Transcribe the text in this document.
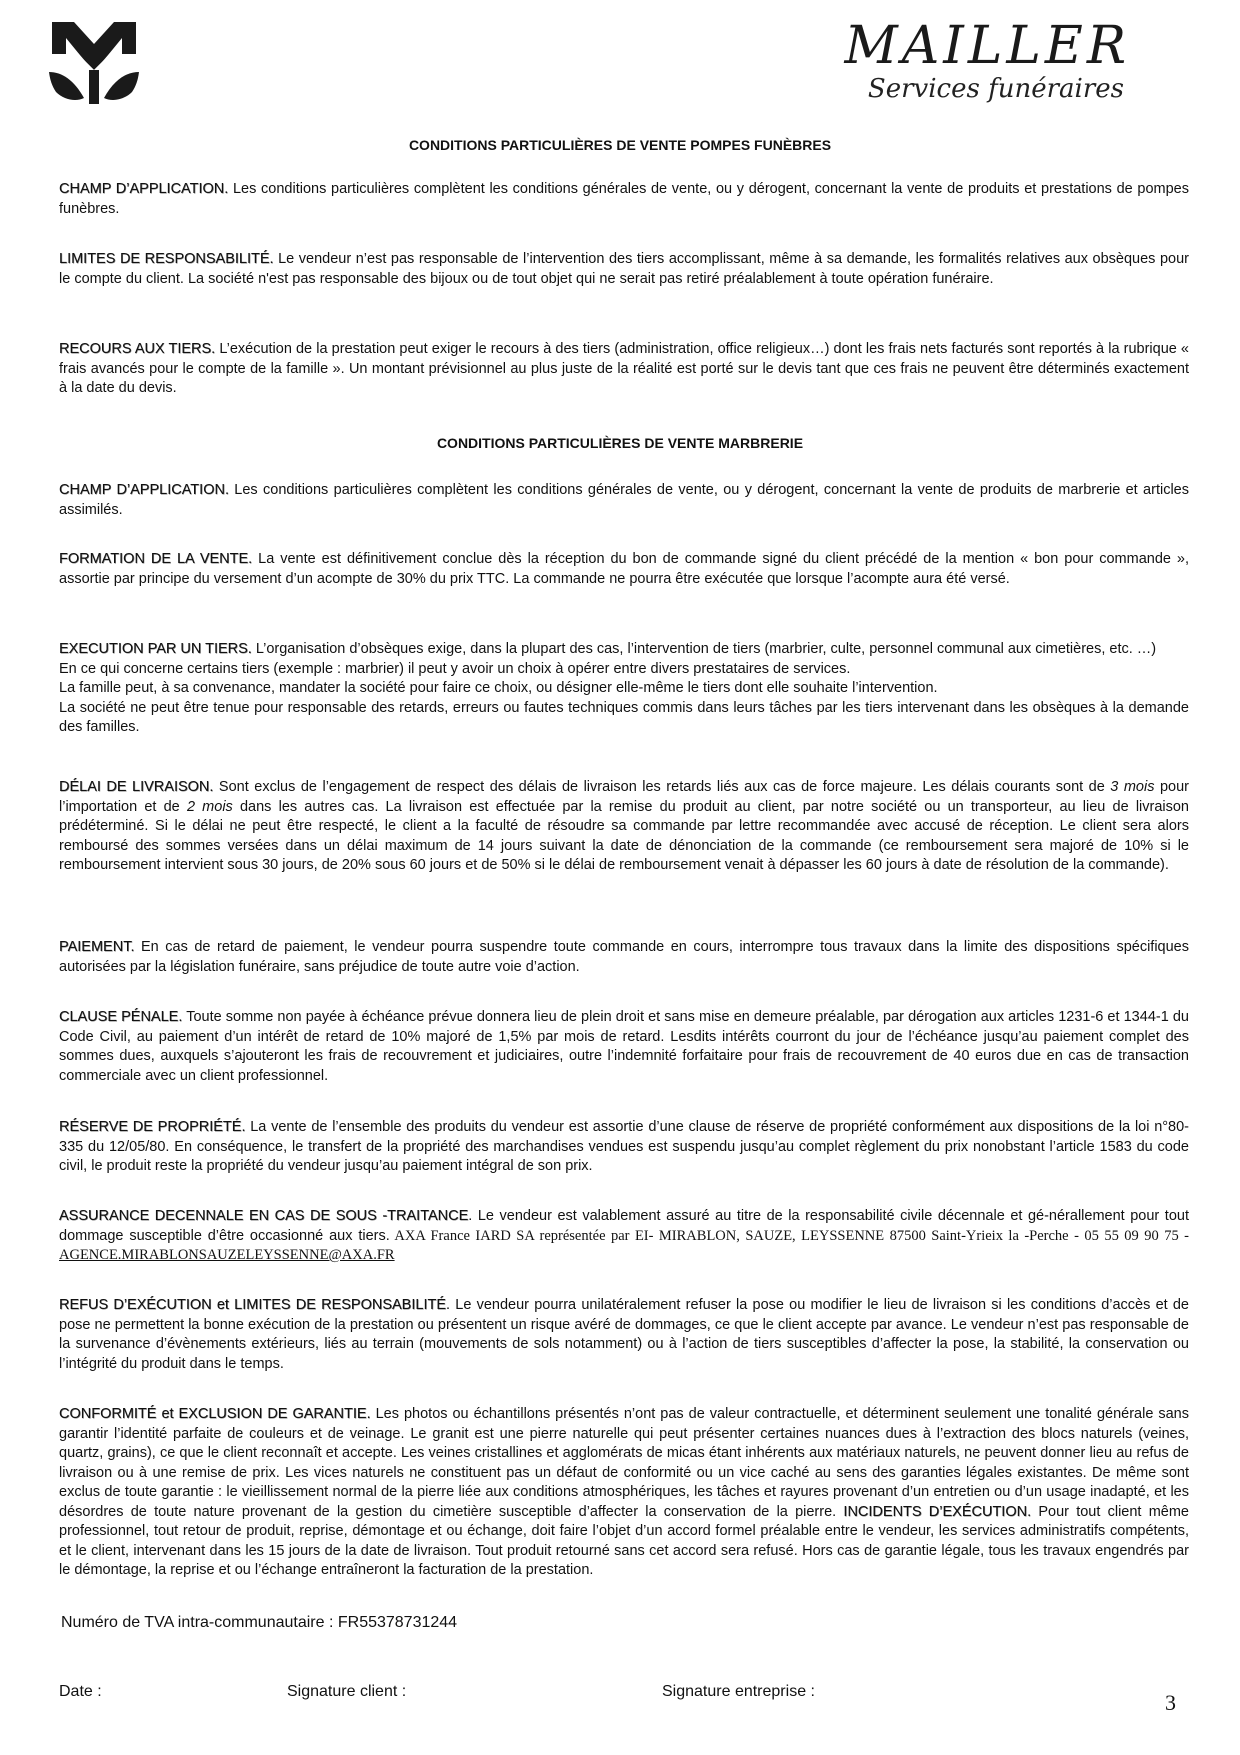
MAILLER
Services funéraires
CONDITIONS PARTICULIÈRES DE VENTE POMPES FUNÈBRES
CHAMP D’APPLICATION. Les conditions particulières complètent les conditions générales de vente, ou y dérogent, concernant la vente de produits et prestations de pompes funèbres.
LIMITES DE RESPONSABILITÉ. Le vendeur n’est pas responsable de l’intervention des tiers accomplissant, même à sa demande, les formalités relatives aux obsèques pour le compte du client. La société n'est pas responsable des bijoux ou de tout objet qui ne serait pas retiré préalablement à toute opération funéraire.
RECOURS AUX TIERS. L’exécution de la prestation peut exiger le recours à des tiers (administration, office religieux…) dont les frais nets facturés sont reportés à la rubrique « frais avancés pour le compte de la famille ». Un montant prévisionnel au plus juste de la réalité est porté sur le devis tant que ces frais ne peuvent être déterminés exactement à la date du devis.
CONDITIONS PARTICULIÈRES DE VENTE MARBRERIE
CHAMP D’APPLICATION. Les conditions particulières complètent les conditions générales de vente, ou y dérogent, concernant la vente de produits de marbrerie et articles assimilés.
FORMATION DE LA VENTE. La vente est définitivement conclue dès la réception du bon de commande signé du client précédé de la mention « bon pour commande », assortie par principe du versement d’un acompte de 30% du prix TTC. La commande ne pourra être exécutée que lorsque l’acompte aura été versé.
EXECUTION PAR UN TIERS. L’organisation d’obsèques exige, dans la plupart des cas, l’intervention de tiers (marbrier, culte, personnel communal aux cimetières, etc. …)
En ce qui concerne certains tiers (exemple : marbrier) il peut y avoir un choix à opérer entre divers prestataires de services.
La famille peut, à sa convenance, mandater la société pour faire ce choix, ou désigner elle-même le tiers dont elle souhaite l’intervention.
La société ne peut être tenue pour responsable des retards, erreurs ou fautes techniques commis dans leurs tâches par les tiers intervenant dans les obsèques à la demande des familles.
DÉLAI DE LIVRAISON. Sont exclus de l’engagement de respect des délais de livraison les retards liés aux cas de force majeure. Les délais courants sont de 3 mois pour l’importation et de 2 mois dans les autres cas. La livraison est effectuée par la remise du produit au client, par notre société ou un transporteur, au lieu de livraison prédéterminé. Si le délai ne peut être respecté, le client a la faculté de résoudre sa commande par lettre recommandée avec accusé de réception. Le client sera alors remboursé des sommes versées dans un délai maximum de 14 jours suivant la date de dénonciation de la commande (ce remboursement sera majoré de 10% si le remboursement intervient sous 30 jours, de 20% sous 60 jours et de 50% si le délai de remboursement venait à dépasser les 60 jours à date de résolution de la commande).
PAIEMENT. En cas de retard de paiement, le vendeur pourra suspendre toute commande en cours, interrompre tous travaux dans la limite des dispositions spécifiques autorisées par la législation funéraire, sans préjudice de toute autre voie d’action.
CLAUSE PÉNALE. Toute somme non payée à échéance prévue donnera lieu de plein droit et sans mise en demeure préalable, par dérogation aux articles 1231-6 et 1344-1 du Code Civil, au paiement d’un intérêt de retard de 10% majoré de 1,5% par mois de retard. Lesdits intérêts courront du jour de l’échéance jusqu’au paiement complet des sommes dues, auxquels s’ajouteront les frais de recouvrement et judiciaires, outre l’indemnité forfaitaire pour frais de recouvrement de 40 euros due en cas de transaction commerciale avec un client professionnel.
RÉSERVE DE PROPRIÉTÉ. La vente de l’ensemble des produits du vendeur est assortie d’une clause de réserve de propriété conformément aux dispositions de la loi n°80-335 du 12/05/80. En conséquence, le transfert de la propriété des marchandises vendues est suspendu jusqu’au complet règlement du prix nonobstant l’article 1583 du code civil, le produit reste la propriété du vendeur jusqu’au paiement intégral de son prix.
ASSURANCE DECENNALE EN CAS DE SOUS -TRAITANCE. Le vendeur est valablement assuré au titre de la responsabilité civile décennale et gé-nérallement pour tout dommage susceptible d’être occasionné aux tiers. AXA France IARD SA représentée par EI- MIRABLON, SAUZE, LEYSSENNE 87500 Saint-Yrieix la -Perche - 05 55 09 90 75 - AGENCE.MIRABLONSAUZELEYSSENNE@AXA.FR
REFUS D’EXÉCUTION et LIMITES DE RESPONSABILITÉ. Le vendeur pourra unilatéralement refuser la pose ou modifier le lieu de livraison si les conditions d’accès et de pose ne permettent la bonne exécution de la prestation ou présentent un risque avéré de dommages, ce que le client accepte par avance. Le vendeur n’est pas responsable de la survenance d’évènements extérieurs, liés au terrain (mouvements de sols notamment) ou à l’action de tiers susceptibles d’affecter la pose, la stabilité, la conservation ou l’intégrité du produit dans le temps.
CONFORMITÉ et EXCLUSION DE GARANTIE. Les photos ou échantillons présentés n’ont pas de valeur contractuelle, et déterminent seulement une tonalité générale sans garantir l’identité parfaite de couleurs et de veinage. Le granit est une pierre naturelle qui peut présenter certaines nuances dues à l’extraction des blocs naturels (veines, quartz, grains), ce que le client reconnaît et accepte. Les veines cristallines et agglomérats de micas étant inhérents aux matériaux naturels, ne peuvent donner lieu au refus de livraison ou à une remise de prix. Les vices naturels ne constituent pas un défaut de conformité ou un vice caché au sens des garanties légales existantes. De même sont exclus de toute garantie : le vieillissement normal de la pierre liée aux conditions atmosphériques, les tâches et rayures provenant d’un entretien ou d’un usage inadapté, et les désordres de toute nature provenant de la gestion du cimetière susceptible d’affecter la conservation de la pierre. INCIDENTS D’EXÉCUTION. Pour tout client même professionnel, tout retour de produit, reprise, démontage et ou échange, doit faire l’objet d’un accord formel préalable entre le vendeur, les services administratifs compétents, et le client, intervenant dans les 15 jours de la date de livraison. Tout produit retourné sans cet accord sera refusé. Hors cas de garantie légale, tous les travaux engendrés par le démontage, la reprise et ou l’échange entraîneront la facturation de la prestation.
Numéro de TVA intra-communautaire : FR55378731244
Date :	Signature client :	Signature entreprise :	3
